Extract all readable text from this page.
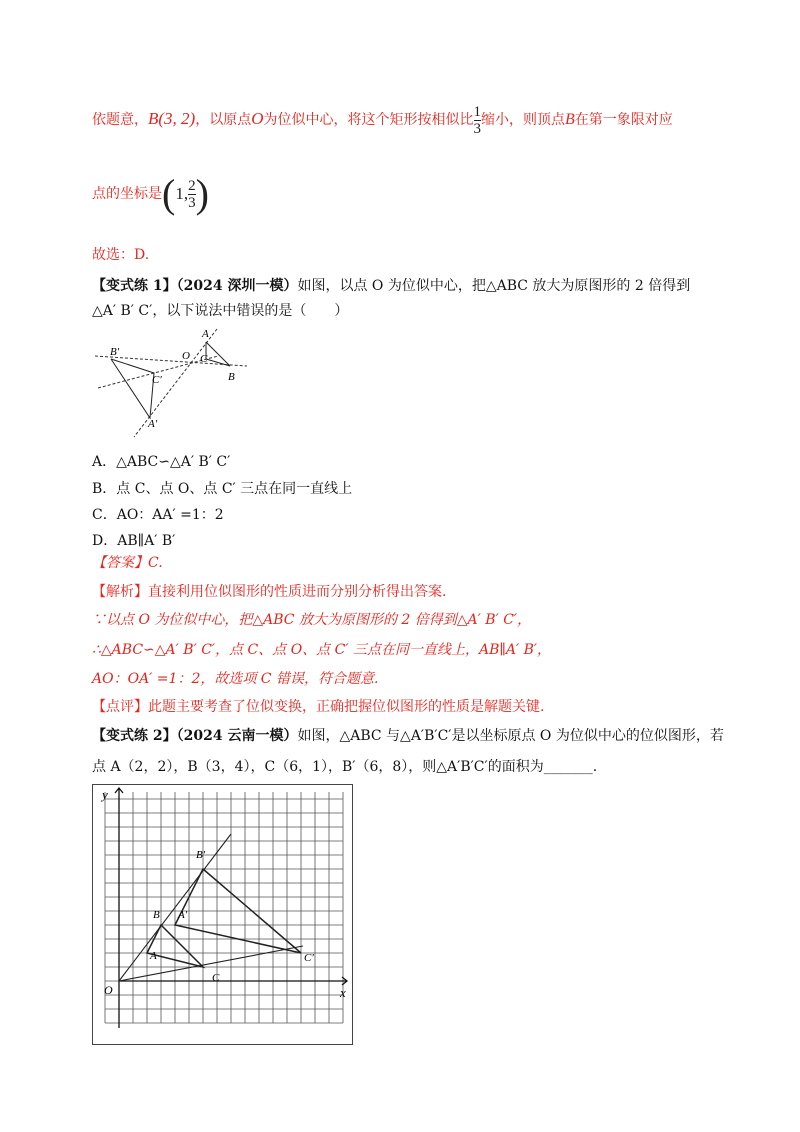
依题意，B(3, 2)，以原点O为位似中心，将这个矩形按相似比 $\frac{1}{3}$ 缩小，则顶点B在第一象限对应
点的坐标是(1, $\frac{2}{3}$ )
故选：D.
【变式练 1】（2024 深圳一模）如图，以点 O 为位似中心，把△ABC 放大为原图形的 2 倍得到
△A′ B′ C′，以下说法中错误的是（　　）
A
B
C
O
B′
C′
A′
A．△ABC∽△A′ B′ C′
B．点 C、点 O、点 C′ 三点在同一直线上
C．AO：AA′ =1：2
D．AB∥A′ B′
【答案】C.
【解析】直接利用位似图形的性质进而分别分析得出答案.
∵以点 O 为位似中心，把△ABC 放大为原图形的 2 倍得到△A′ B′ C′，
∴△ABC∽△A′ B′ C′，点 C、点 O、点 C′ 三点在同一直线上，AB∥A′ B′，
AO：OA′ =1：2，故选项 C 错误，符合题意.
【点评】此题主要考查了位似变换，正确把握位似图形的性质是解题关键.
【变式练 2】（2024 云南一模）如图，△ABC 与△A′B′C′是以坐标原点 O 为位似中心的位似图形，若
点 A（2，2），B（3，4），C（6，1），B′（6，8），则△A′B′C′的面积为_______.
y
x
O
A
B
C
A'
B'
C'
